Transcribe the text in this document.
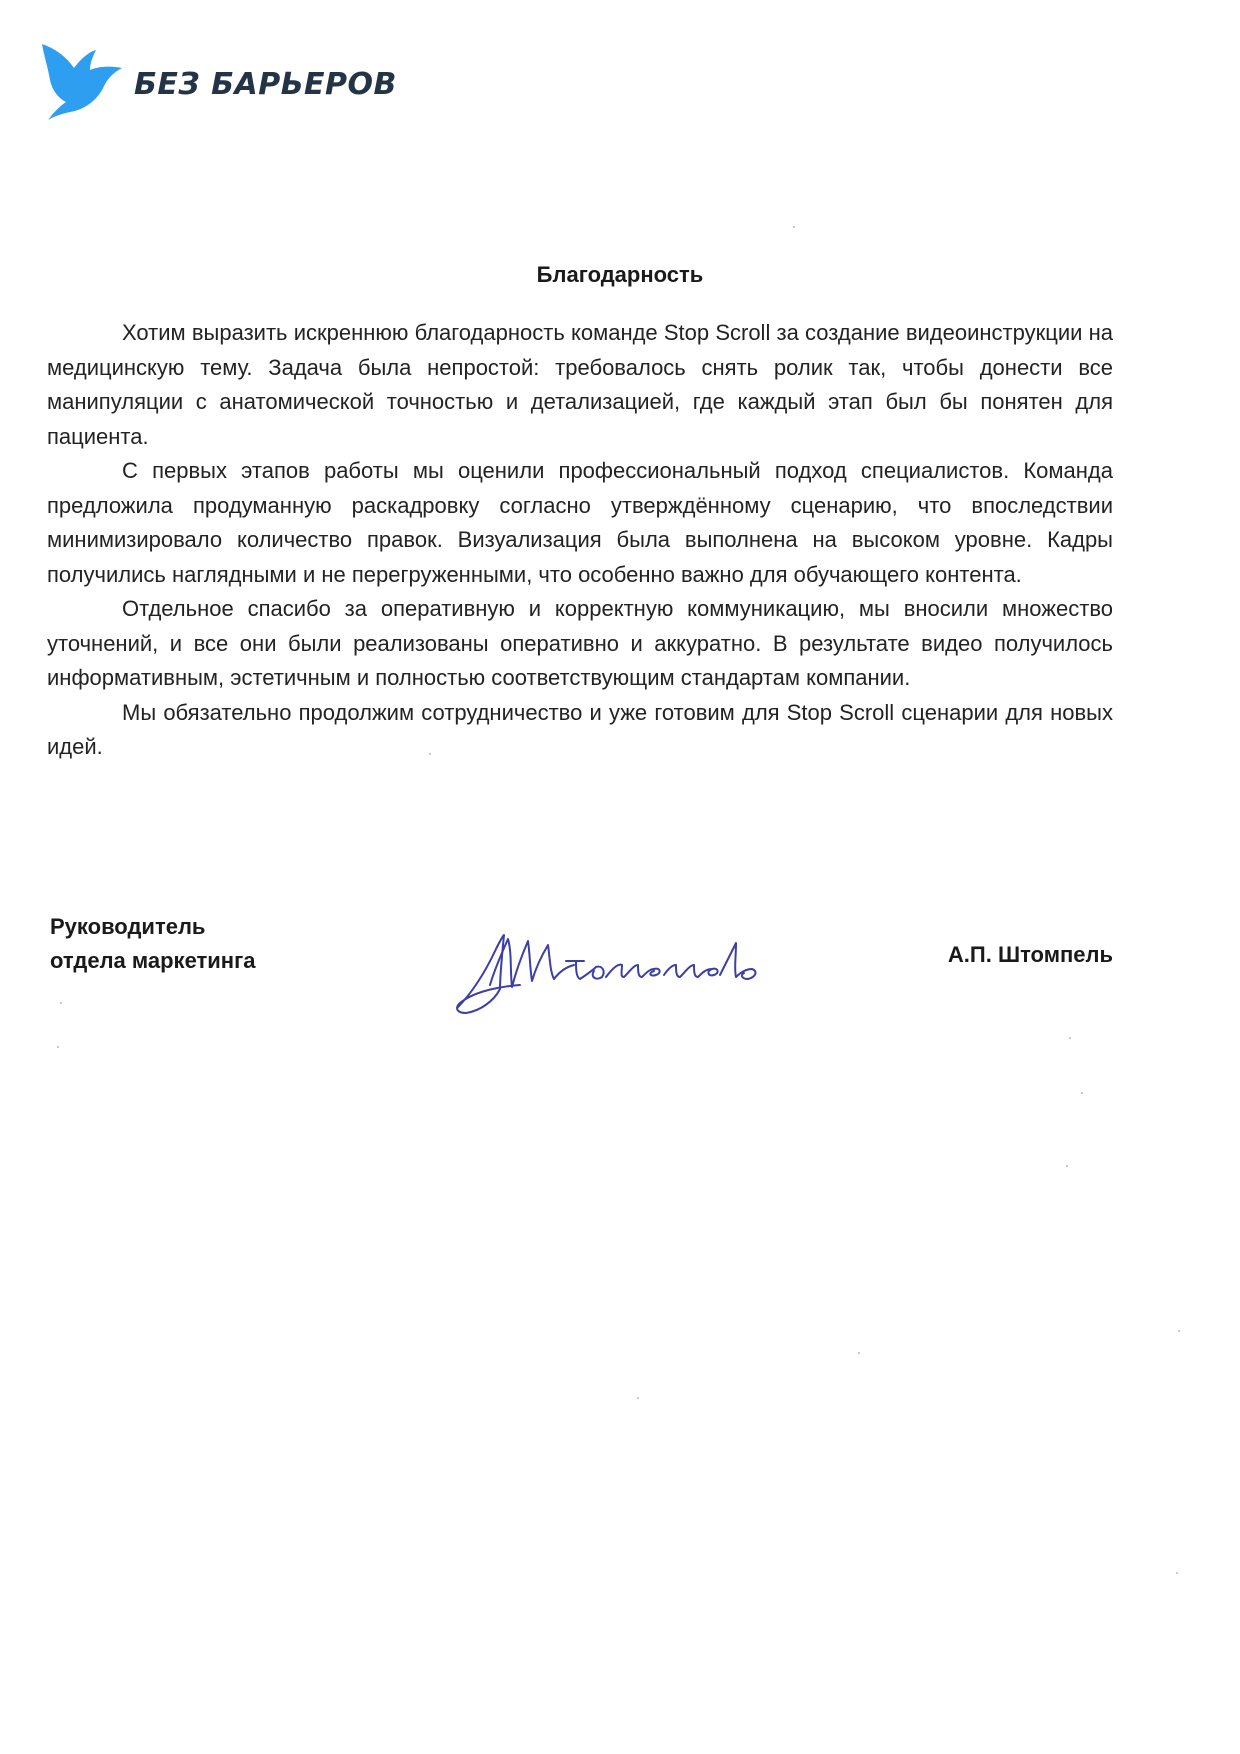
БЕЗ БАРЬЕРОВ
Благодарность

Хотим выразить искреннюю благодарность команде Stop Scroll за создание видеоинструкции на медицинскую тему. Задача была непростой: требовалось снять ролик так, чтобы донести все манипуляции с анатомической точностью и детализацией, где каждый этап был бы понятен для пациента.

С первых этапов работы мы оценили профессиональный подход специалистов. Команда предложила продуманную раскадровку согласно утверждённому сценарию, что впоследствии минимизировало количество правок. Визуализация была выполнена на высоком уровне. Кадры получились наглядными и не перегруженными, что особенно важно для обучающего контента.

Отдельное спасибо за оперативную и корректную коммуникацию, мы вносили множество уточнений, и все они были реализованы оперативно и аккуратно. В результате видео получилось информативным, эстетичным и полностью соответствующим стандартам компании.

Мы обязательно продолжим сотрудничество и уже готовим для Stop Scroll сценарии для новых идей.

Руководитель
отдела маркетинга	А.П. Штомпель
